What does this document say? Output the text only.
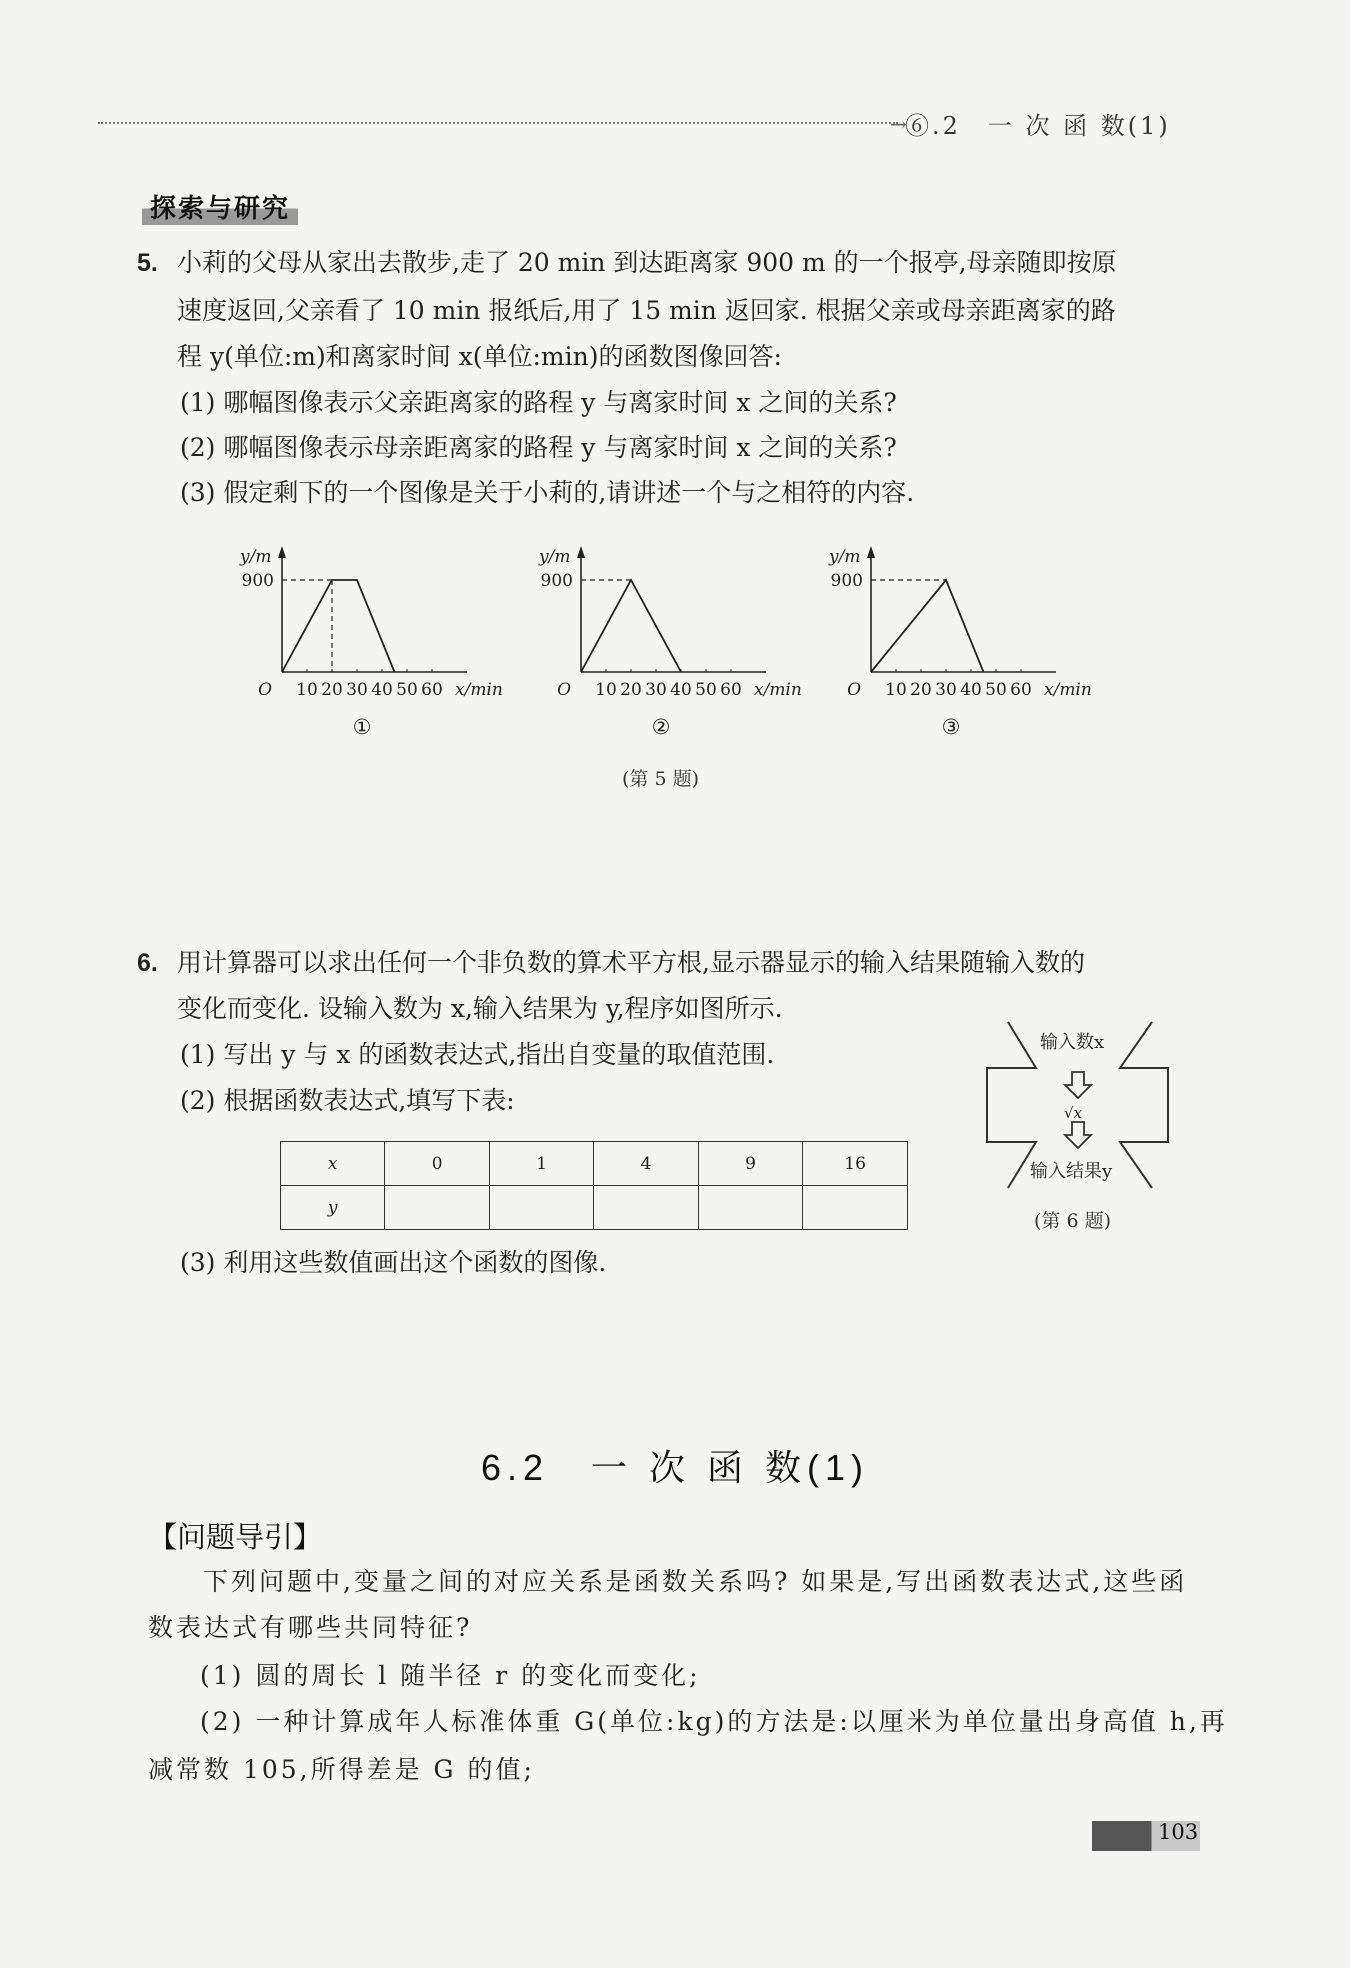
→
⑥.2　一 次 函 数(1)
探索与研究
5. 小莉的父母从家出去散步,走了 20 min 到达距离家 900 m 的一个报亭,母亲随即按原
速度返回,父亲看了 10 min 报纸后,用了 15 min 返回家. 根据父亲或母亲距离家的路
程 y(单位:m)和离家时间 x(单位:min)的函数图像回答:
(1) 哪幅图像表示父亲距离家的路程 y 与离家时间 x 之间的关系?
(2) 哪幅图像表示母亲距离家的路程 y 与离家时间 x 之间的关系?
(3) 假定剩下的一个图像是关于小莉的,请讲述一个与之相符的内容.
10 20 30 40 50 60
O	x/min
y/m
900
①
10 20 30 40 50 60
O	x/min
y/m
900
②
10 20 30 40 50 60
O	x/min
y/m
900
③
(第 5 题)
6. 用计算器可以求出任何一个非负数的算术平方根,显示器显示的输入结果随输入数的
变化而变化. 设输入数为 x,输入结果为 y,程序如图所示.
(1) 写出 y 与 x 的函数表达式,指出自变量的取值范围.
(2) 根据函数表达式,填写下表:
x	0	1	4	9	16
y					
(3) 利用这些数值画出这个函数的图像.
输入数x
√x
输入结果y
(第 6 题)
6.2　一 次 函 数(1)
【问题导引】
下列问题中,变量之间的对应关系是函数关系吗? 如果是,写出函数表达式,这些函
数表达式有哪些共同特征?
(1) 圆的周长 l 随半径 r 的变化而变化;
(2) 一种计算成年人标准体重 G(单位:kg)的方法是:以厘米为单位量出身高值 h,再
减常数 105,所得差是 G 的值;
103
